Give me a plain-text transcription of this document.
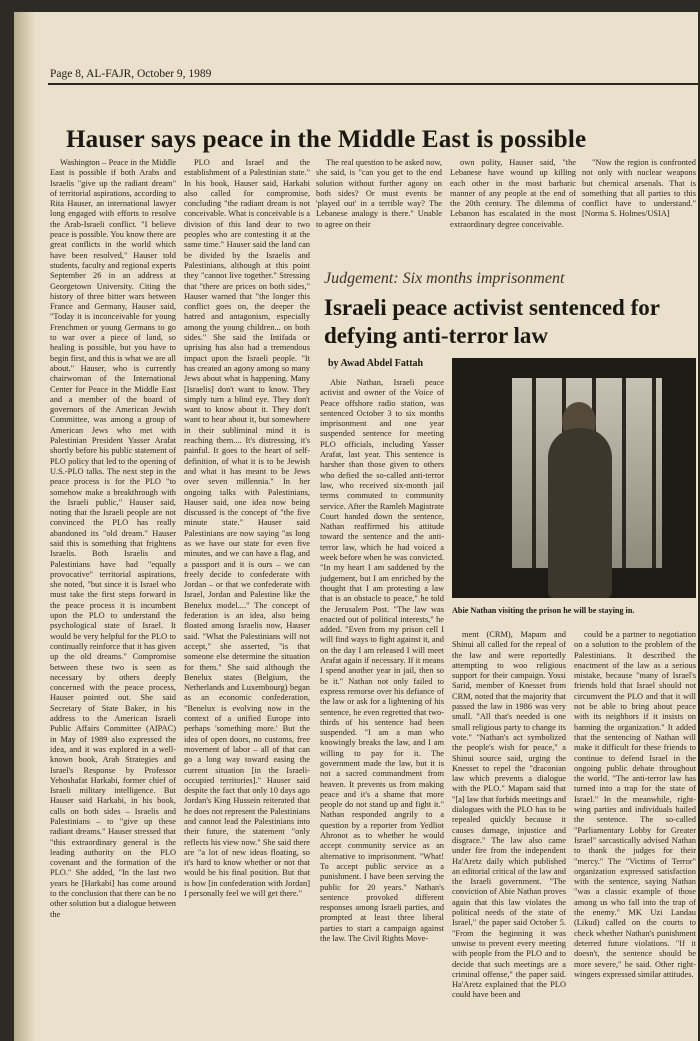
Page 8, AL-FAJR, October 9, 1989
Hauser says peace in the Middle East is possible

Washington – Peace in the Middle East is possible if both Arabs and Israelis "give up the radiant dream" of territorial aspirations, according to Rita Hauser, an international lawyer long engaged with efforts to resolve the Arab-Israeli conflict. "I believe peace is possible. You know there are great conflicts in the world which have been resolved," Hauser told students, faculty and regional experts September 26 in an address at Georgetown University. Citing the history of three bitter wars between France and Germany, Hauser said, "Today it is inconceivable for young Frenchmen or young Germans to go to war over a piece of land, so healing is possible, but you have to begin first, and this is what we are all about." Hauser, who is currently chairwoman of the International Center for Peace in the Middle East and a member of the board of governors of the American Jewish Committee, was among a group of American Jews who met with Palestinian President Yasser Arafat shortly before his public statement of PLO policy that led to the opening of U.S.-PLO talks. The next step in the peace process is for the PLO "to somehow make a breakthrough with the Israeli public," Hauser said, noting that the Israeli people are not convinced the PLO has really abandoned its "old dream." Hauser said this is something that frightens Israelis. Both Israelis and Palestinians have had "equally provocative" territorial aspirations, she noted, "but since it is Israel who must take the first steps forward in the peace process it is incumbent upon the PLO to understand the psychological state of Israel. It would be very helpful for the PLO to continually reinforce that it has given up the old dreams." Compromise between these two is seen as necessary by others deeply concerned with the peace process, Hauser pointed out. She said Secretary of State Baker, in his address to the American Israeli Public Affairs Committee (AIPAC) in May of 1989 also expressed the idea, and it was explored in a well-known book, Arab Strategies and Israel's Response by Professor Yehoshafat Harkabi, former chief of Israeli military intelligence. But Hauser said Harkabi, in his book, calls on both sides – Israelis and Palestinians – to "give up these radiant dreams." Hauser stressed that "this extraordinary general is the leading authority on the PLO covenant and the formation of the PLO." She added, "In the last two years he [Harkabi] has come around to the conclusion that there can be no other solution but a dialogue between the

PLO and Israel and the establishment of a Palestinian state." In his book, Hauser said, Harkabi also called for compromise, concluding "the radiant dream is not conceivable. What is conceivable is a division of this land dear to two peoples who are contesting it at the same time." Hauser said the land can be divided by the Israelis and Palestinians, although at this point they "cannot live together." Stressing that "there are prices on both sides," Hauser warned that "the longer this conflict goes on, the deeper the hatred and antagonism, especially among the young children... on both sides." She said the Intifada or uprising has also had a tremendous impact upon the Israeli people. "It has created an agony among so many Jews about what is happening. Many [Israelis] don't want to know. They simply turn a blind eye. They don't want to know about it. They don't want to hear about it, but somewhere in their subliminal mind it is reaching them.... It's distressing, it's painful. It goes to the heart of self-definition, of what it is to be Jewish and what it has meant to be Jews over seven millennia." In her ongoing talks with Palestinians, Hauser said, one idea now being discussed is the concept of "the five minute state." Hauser said Palestinians are now saying "as long as we have our state for even five minutes, and we can have a flag, and a passport and it is ours – we can freely decide to confederate with Jordan – or that we confederate with Israel, Jordan and Palestine like the Benelux model...." The concept of federation is an idea, also being floated among Israelis now, Hauser said. "What the Palestinians will not accept," she asserted, "is that someone else determine the situation for them." She said although the Benelux states (Belgium, the Netherlands and Luxembourg) began as an economic confederation, "Benelux is evolving now in the context of a unified Europe into perhaps 'something more.' But the idea of open doors, no customs, free movement of labor – all of that can go a long way toward easing the current situation [in the Israeli-occupied territories]." Hauser said despite the fact that only 10 days ago Jordan's King Hussein reiterated that he does not represent the Palestinians and cannot lead the Palestinians into their future, the statement "only reflects his view now." She said there are "a lot of new ideas floating, so it's hard to know whether or not that would be his final position. But that is how [in confederation with Jordan] I personally feel we will get there."

The real question to be asked now, she said, is "can you get to the end solution without further agony on both sides? Or must events be 'played out' in a terrible way? The Lebanese analogy is there." Unable to agree on their

own polity, Hauser said, "the Lebanese have wound up killing each other in the most barbaric manner of any people at the end of the 20th century. The dilemma of Lebanon has escalated in the most extraordinary degree conceivable.

"Now the region is confronted not only with nuclear weapons but chemical arsenals. That is something that all parties to this conflict have to understand." [Norma S. Holmes/USIA]

Judgement: Six months imprisonment
Israeli peace activist sentenced for defying anti-terror law
by Awad Abdel Fattah
Abie Nathan visiting the prison he will be staying in.

Abie Nathan, Israeli peace activist and owner of the Voice of Peace offshore radio station, was sentenced October 3 to six months imprisonment and one year suspended sentence for meeting PLO officials, including Yasser Arafat, last year. This sentence is harsher than those given to others who defied the so-called anti-terror law, who received six-month jail terms commuted to community service. After the Ramleh Magistrate Court handed down the sentence, Nathan reaffirmed his attitude toward the sentence and the anti-terror law, which he had voiced a week before when he was convicted. "In my heart I am saddened by the judgement, but I am enriched by the thought that I am protesting a law that is an obstacle to peace," he told the Jerusalem Post. "The law was enacted out of political interests," he added. "Even from my prison cell I will find ways to fight against it, and on the day I am released I will meet Arafat again if necessary. If it means I spend another year in jail, then so be it." Nathan not only failed to express remorse over his defiance of the law or ask for a lightening of his sentence, he even regretted that two-thirds of his sentence had been suspended. "I am a man who knowingly breaks the law, and I am willing to pay for it. The government made the law, but it is not a sacred commandment from heaven. It prevents us from making peace and it's a shame that more people do not stand up and fight it." Nathan responded angrily to a question by a reporter from Yedliot Ahronot as to whether he would accept community service as an alternative to imprisonment. "What! To accept public service as a punishment. I have been serving the public for 20 years." Nathan's sentence provoked different responses among Israeli parties, and prompted at least three liberal parties to start a campaign against the law. The Civil Rights Move-

ment (CRM), Mapam and Shinui all called for the repeal of the law and were reportedly attempting to woo religious support for their campaign. Yossi Sarid, member of Knesset from CRM, noted that the majority that passed the law in 1986 was very small. "All that's needed is one small religious party to change its vote." "Nathan's act symbolized the people's wish for peace," a Shinui source said, urging the Knesset to repel the "draconian law which prevents a dialogue with the PLO." Mapam said that "[a] law that forbids meetings and dialogues with the PLO has to be repealed quickly because it causes damage, injustice and disgrace." The law also came under fire from the independent Ha'Aretz daily which published an editorial critical of the law and the Israeli government. "The conviction of Abie Nathan proves again that this law violates the political needs of the state of Israel," the paper said October 5. "From the beginning it was unwise to prevent every meeting with people from the PLO and to decide that such meetings are a criminal offense," the paper said. Ha'Aretz explained that the PLO could have been and

could be a partner to negotiation on a solution to the problem of the Palestinians. It described the enactment of the law as a serious mistake, because "many of Israel's friends hold that Israel should not circumvent the PLO and that it will not be able to bring about peace with its neighbors if it insists on banning the organization." It added that the sentencing of Nathan will make it difficult for these friends to continue to defend Israel in the ongoing public debate throughout the world. "The anti-terror law has turned into a trap for the state of Israel." In the meanwhile, right-wing parties and individuals hailed the sentence. The so-called "Parliamentary Lobby for Greater Israel" sarcastically advised Nathan to thank the judges for their "mercy." The "Victims of Terror" organization expressed satisfaction with the sentence, saying Nathan "was a classic example of those among us who fall into the trap of the enemy." MK Uzi Landau (Likud) called on the courts to check whether Nathan's punishment deterred future violations. "If it doesn't, the sentence should be more severe," he said. Other right-wingers expressed similar attitudes.
